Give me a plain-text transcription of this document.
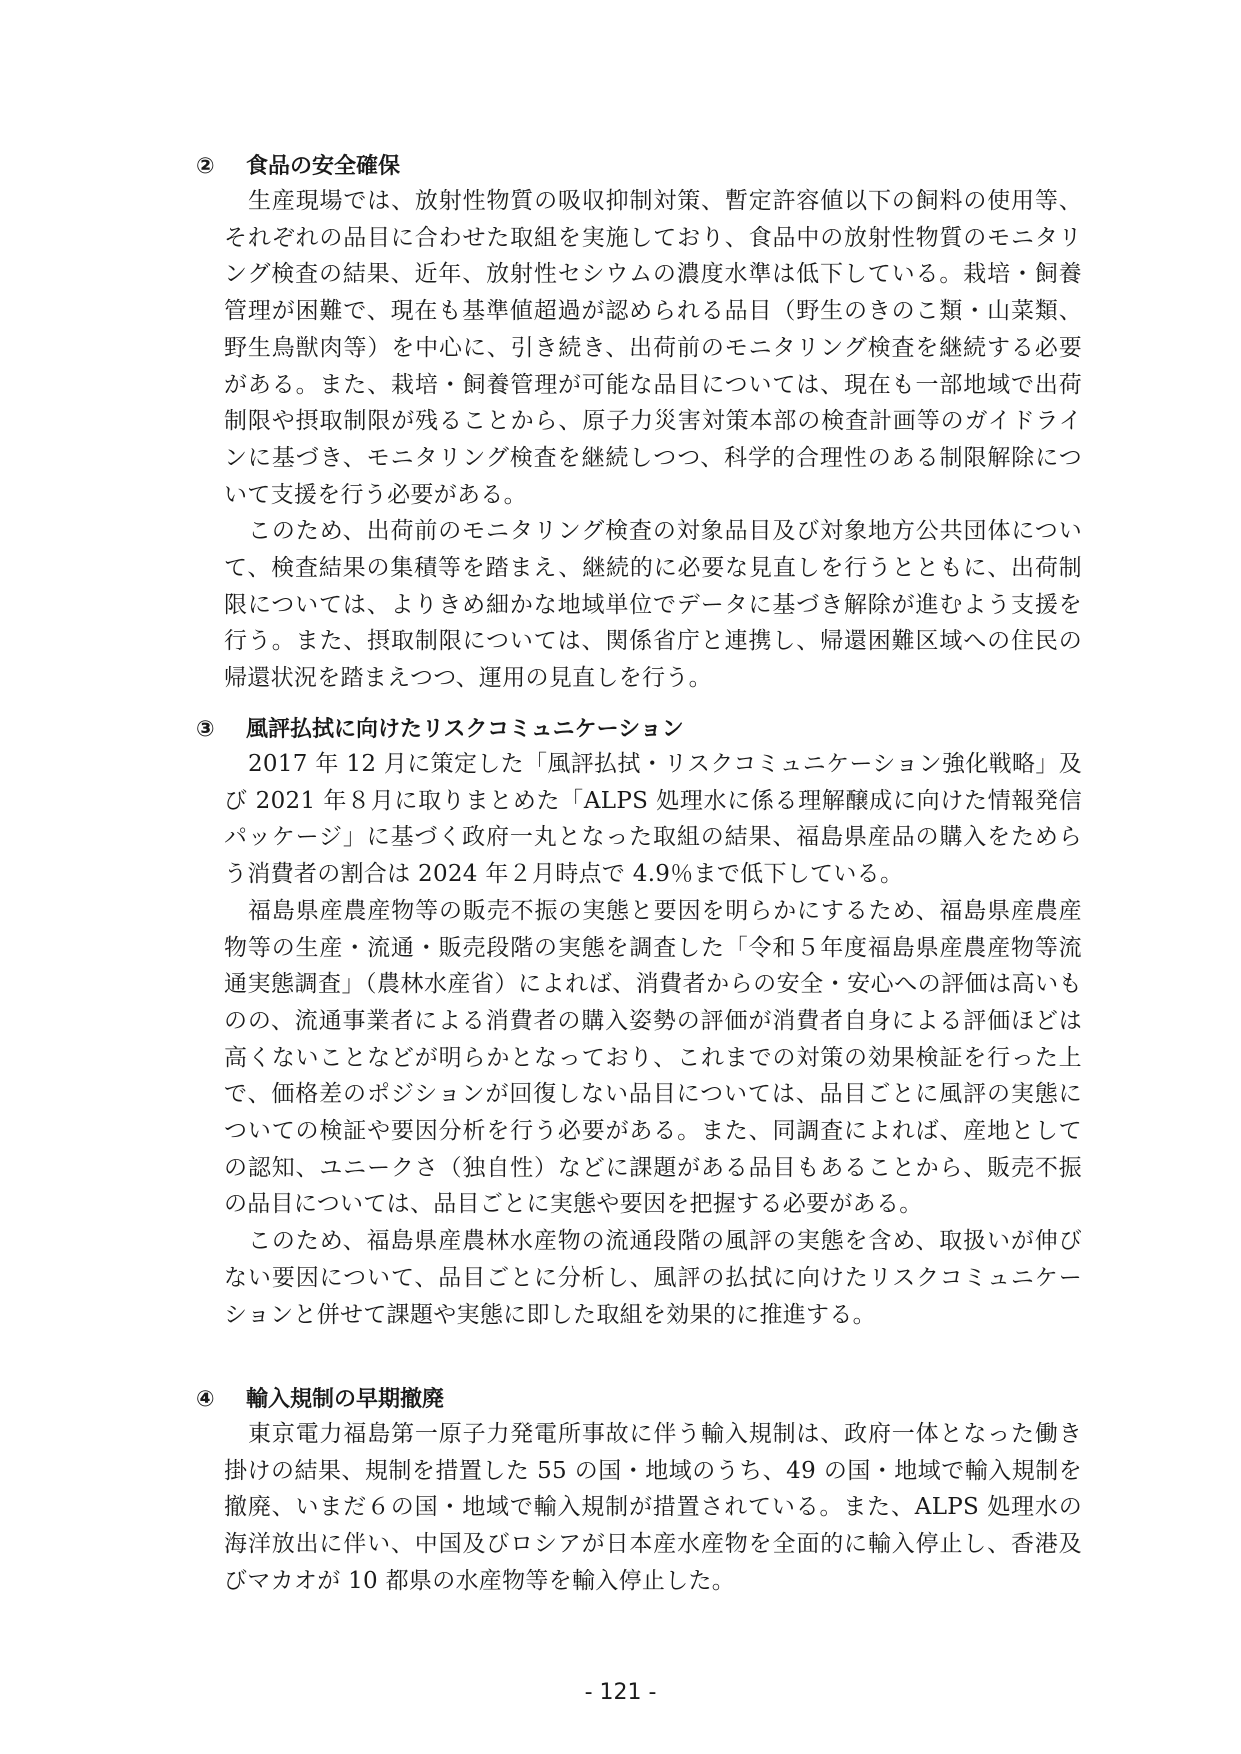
② 食品の安全確保

生産現場では、放射性物質の吸収抑制対策、暫定許容値以下の飼料の使用等、それぞれの品目に合わせた取組を実施しており、食品中の放射性物質のモニタリング検査の結果、近年、放射性セシウムの濃度水準は低下している。栽培・飼養管理が困難で、現在も基準値超過が認められる品目（野生のきのこ類・山菜類、野生鳥獣肉等）を中心に、引き続き、出荷前のモニタリング検査を継続する必要がある。また、栽培・飼養管理が可能な品目については、現在も一部地域で出荷制限や摂取制限が残ることから、原子力災害対策本部の検査計画等のガイドラインに基づき、モニタリング検査を継続しつつ、科学的合理性のある制限解除について支援を行う必要がある。

このため、出荷前のモニタリング検査の対象品目及び対象地方公共団体について、検査結果の集積等を踏まえ、継続的に必要な見直しを行うとともに、出荷制限については、よりきめ細かな地域単位でデータに基づき解除が進むよう支援を行う。また、摂取制限については、関係省庁と連携し、帰還困難区域への住民の帰還状況を踏まえつつ、運用の見直しを行う。

③ 風評払拭に向けたリスクコミュニケーション

2017 年 12 月に策定した「風評払拭・リスクコミュニケーション強化戦略」及び 2021 年８月に取りまとめた「ALPS 処理水に係る理解醸成に向けた情報発信パッケージ」に基づく政府一丸となった取組の結果、福島県産品の購入をためらう消費者の割合は 2024 年２月時点で 4.9％まで低下している。

福島県産農産物等の販売不振の実態と要因を明らかにするため、福島県産農産物等の生産・流通・販売段階の実態を調査した「令和５年度福島県産農産物等流通実態調査」（農林水産省）によれば、消費者からの安全・安心への評価は高いものの、流通事業者による消費者の購入姿勢の評価が消費者自身による評価ほどは高くないことなどが明らかとなっており、これまでの対策の効果検証を行った上で、価格差のポジションが回復しない品目については、品目ごとに風評の実態についての検証や要因分析を行う必要がある。また、同調査によれば、産地としての認知、ユニークさ（独自性）などに課題がある品目もあることから、販売不振の品目については、品目ごとに実態や要因を把握する必要がある。

このため、福島県産農林水産物の流通段階の風評の実態を含め、取扱いが伸びない要因について、品目ごとに分析し、風評の払拭に向けたリスクコミュニケーションと併せて課題や実態に即した取組を効果的に推進する。

④ 輸入規制の早期撤廃

東京電力福島第一原子力発電所事故に伴う輸入規制は、政府一体となった働き掛けの結果、規制を措置した 55 の国・地域のうち、49 の国・地域で輸入規制を撤廃、いまだ６の国・地域で輸入規制が措置されている。また、ALPS 処理水の海洋放出に伴い、中国及びロシアが日本産水産物を全面的に輸入停止し、香港及びマカオが 10 都県の水産物等を輸入停止した。

- 121 -
